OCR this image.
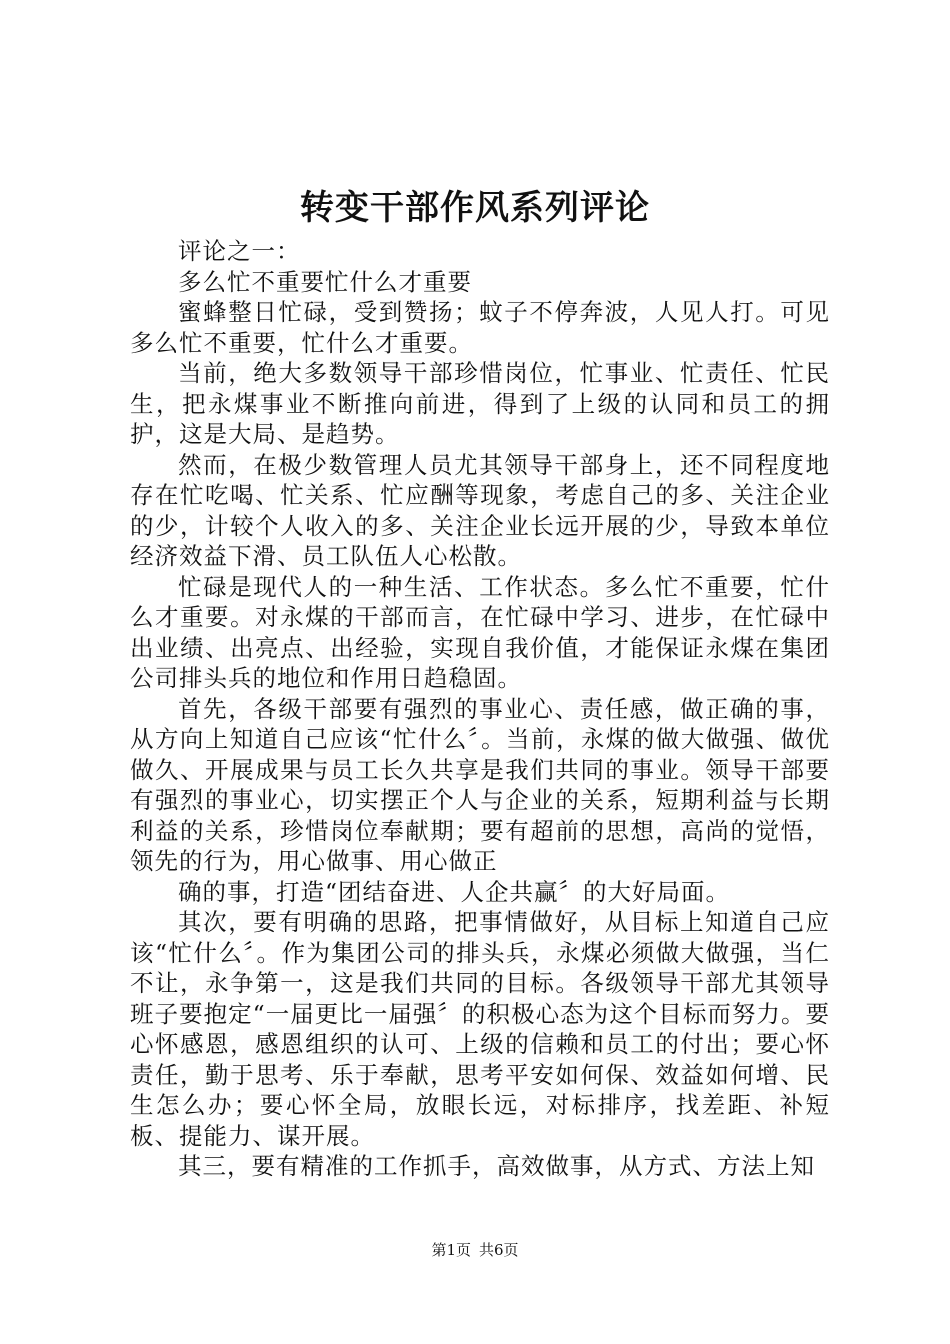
转变干部作风系列评论

评论之一：

多么忙不重要忙什么才重要

蜜蜂整日忙碌，受到赞扬；蚊子不停奔波，人见人打。可见多么忙不重要，忙什么才重要。

当前，绝大多数领导干部珍惜岗位，忙事业、忙责任、忙民生，把永煤事业不断推向前进，得到了上级的认同和员工的拥护，这是大局、是趋势。

然而，在极少数管理人员尤其领导干部身上，还不同程度地存在忙吃喝、忙关系、忙应酬等现象，考虑自己的多、关注企业的少，计较个人收入的多、关注企业长远开展的少，导致本单位经济效益下滑、员工队伍人心松散。

忙碌是现代人的一种生活、工作状态。多么忙不重要，忙什么才重要。对永煤的干部而言，在忙碌中学习、进步，在忙碌中出业绩、出亮点、出经验，实现自我价值，才能保证永煤在集团公司排头兵的地位和作用日趋稳固。

首先，各级干部要有强烈的事业心、责任感，做正确的事，从方向上知道自己应该“忙什么〞。当前，永煤的做大做强、做优做久、开展成果与员工长久共享是我们共同的事业。领导干部要有强烈的事业心，切实摆正个人与企业的关系，短期利益与长期利益的关系，珍惜岗位奉献期；要有超前的思想，高尚的觉悟，领先的行为，用心做事、用心做正

确的事，打造“团结奋进、人企共赢〞的大好局面。

其次，要有明确的思路，把事情做好，从目标上知道自己应该“忙什么〞。作为集团公司的排头兵，永煤必须做大做强，当仁不让，永争第一，这是我们共同的目标。各级领导干部尤其领导班子要抱定“一届更比一届强〞的积极心态为这个目标而努力。要心怀感恩，感恩组织的认可、上级的信赖和员工的付出；要心怀责任，勤于思考、乐于奉献，思考平安如何保、效益如何增、民生怎么办；要心怀全局，放眼长远，对标排序，找差距、补短板、提能力、谋开展。

其三，要有精准的工作抓手，高效做事，从方式、方法上知

第1页 共6页
